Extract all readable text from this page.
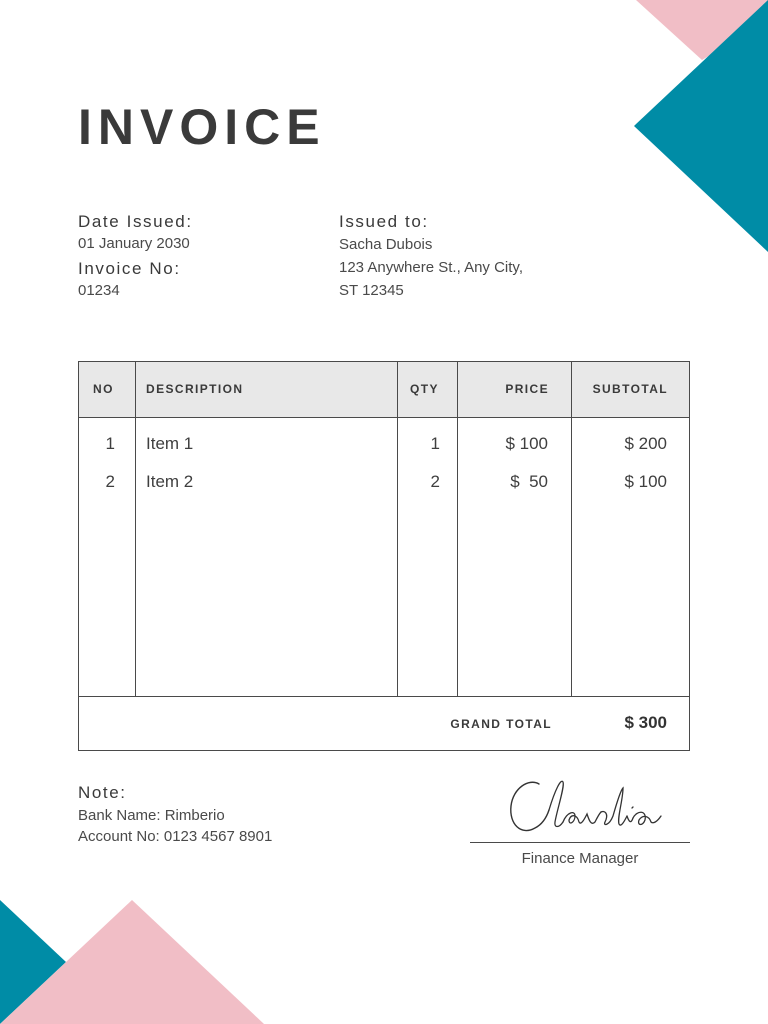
INVOICE
Date Issued:
01 January 2030
Invoice No:
01234
Issued to:
Sacha Dubois
123 Anywhere St., Any City,
ST 12345
NO	DESCRIPTION	QTY	PRICE	SUBTOTAL
1 Item 1	1	$ 100	$ 200
2 Item 2	2	$  50	$ 100
GRAND TOTAL	$ 300
Note:
Bank Name: Rimberio
Account No: 0123 4567 8901
Finance Manager
